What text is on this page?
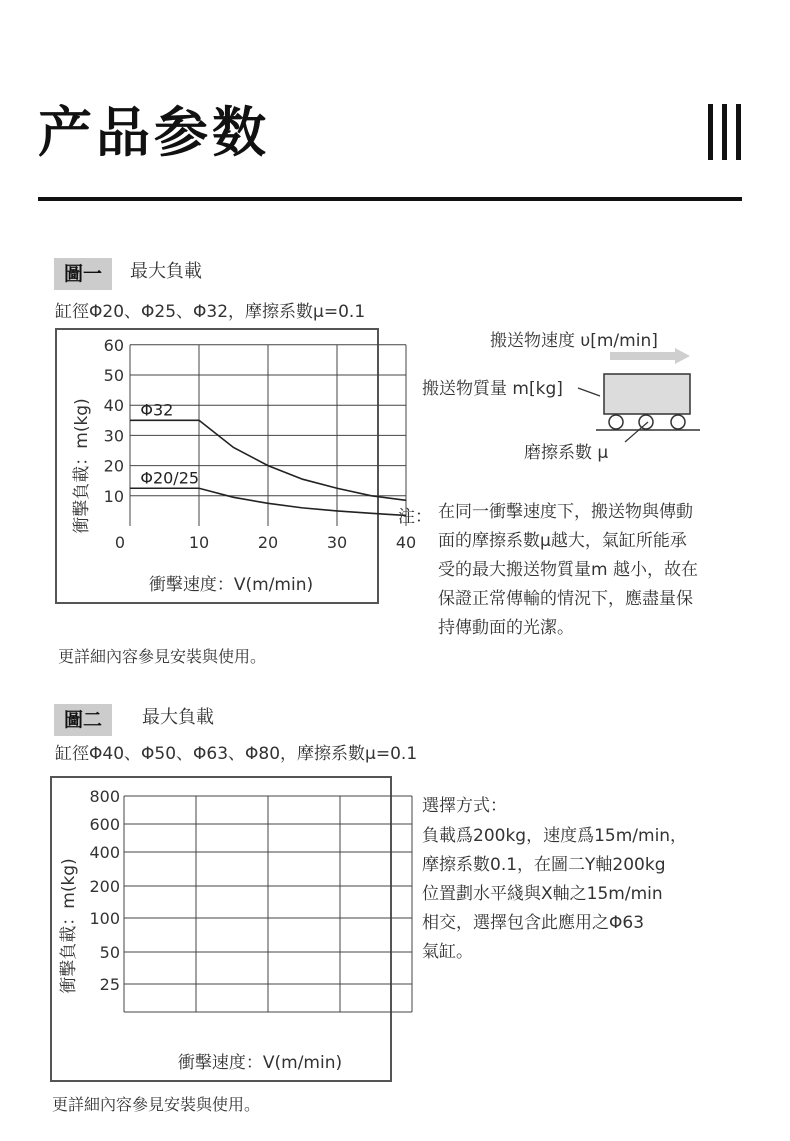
产品参数
圖一	最大負載
缸徑Φ20、Φ25、Φ32，摩擦系數μ=0.1
10
20
30
40
50
60
0	10	20	30	40
Φ32
Φ20/25
衝擊負載：m(kg)
衝擊速度：V(m/min)
搬送物速度 υ[m/min]
搬送物質量 m[kg]
磨擦系數 μ
注： 在同一衝擊速度下，搬送物與傳動
面的摩擦系數μ越大，氣缸所能承
受的最大搬送物質量m 越小，故在
保證正常傳輸的情況下，應盡量保
持傳動面的光潔。
更詳細內容參見安裝與使用。
圖二	最大負載
缸徑Φ40、Φ50、Φ63、Φ80，摩擦系數μ=0.1
25
50
100
200
400
600
800
衝擊負載：m(kg)
衝擊速度：V(m/min)
選擇方式：
負載爲200kg，速度爲15m/min，
摩擦系數0.1，在圖二Y軸200kg
位置劃水平綫與X軸之15m/min
相交，選擇包含此應用之Φ63
氣缸。
更詳細內容參見安裝與使用。
